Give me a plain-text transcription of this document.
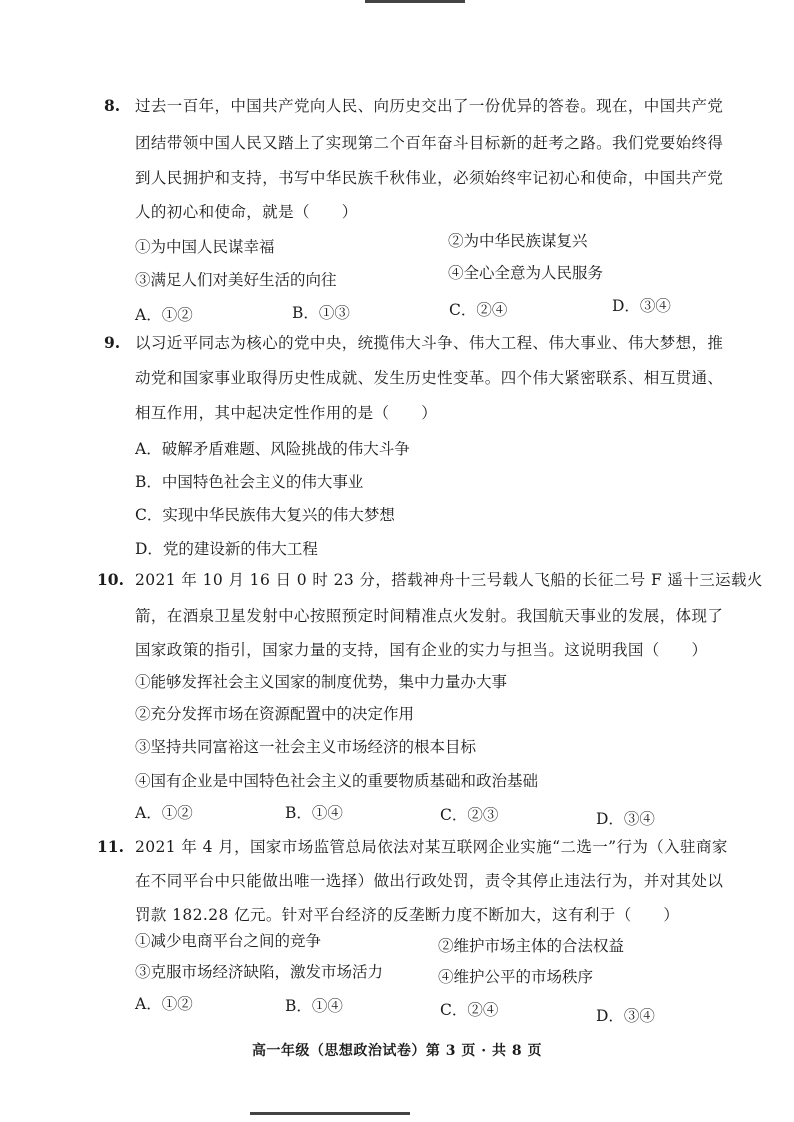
8. 过去一百年，中国共产党向人民、向历史交出了一份优异的答卷。现在，中国共产党
团结带领中国人民又踏上了实现第二个百年奋斗目标新的赶考之路。我们党要始终得
到人民拥护和支持，书写中华民族千秋伟业，必须始终牢记初心和使命，中国共产党
人的初心和使命，就是（　　）
①为中国人民谋幸福	②为中华民族谋复兴
③满足人们对美好生活的向往	④全心全意为人民服务
A．①②	B．①③	C．②④	D．③④
9. 以习近平同志为核心的党中央，统揽伟大斗争、伟大工程、伟大事业、伟大梦想，推
动党和国家事业取得历史性成就、发生历史性变革。四个伟大紧密联系、相互贯通、
相互作用，其中起决定性作用的是（　　）
A．破解矛盾难题、风险挑战的伟大斗争
B．中国特色社会主义的伟大事业
C．实现中华民族伟大复兴的伟大梦想
D．党的建设新的伟大工程
10. 2021 年 10 月 16 日 0 时 23 分，搭载神舟十三号载人飞船的长征二号 F 遥十三运载火
箭，在酒泉卫星发射中心按照预定时间精准点火发射。我国航天事业的发展，体现了
国家政策的指引，国家力量的支持，国有企业的实力与担当。这说明我国（　　）
①能够发挥社会主义国家的制度优势，集中力量办大事
②充分发挥市场在资源配置中的决定作用
③坚持共同富裕这一社会主义市场经济的根本目标
④国有企业是中国特色社会主义的重要物质基础和政治基础
A．①②	B．①④	C．②③	D．③④
11. 2021 年 4 月，国家市场监管总局依法对某互联网企业实施“二选一”行为（入驻商家
在不同平台中只能做出唯一选择）做出行政处罚，责令其停止违法行为，并对其处以
罚款 182.28 亿元。针对平台经济的反垄断力度不断加大，这有利于（　　）
①减少电商平台之间的竞争	②维护市场主体的合法权益
③克服市场经济缺陷，激发市场活力	④维护公平的市场秩序
A．①②	B．①④	C．②④	D．③④
高一年级（思想政治试卷）第 3 页 · 共 8 页
